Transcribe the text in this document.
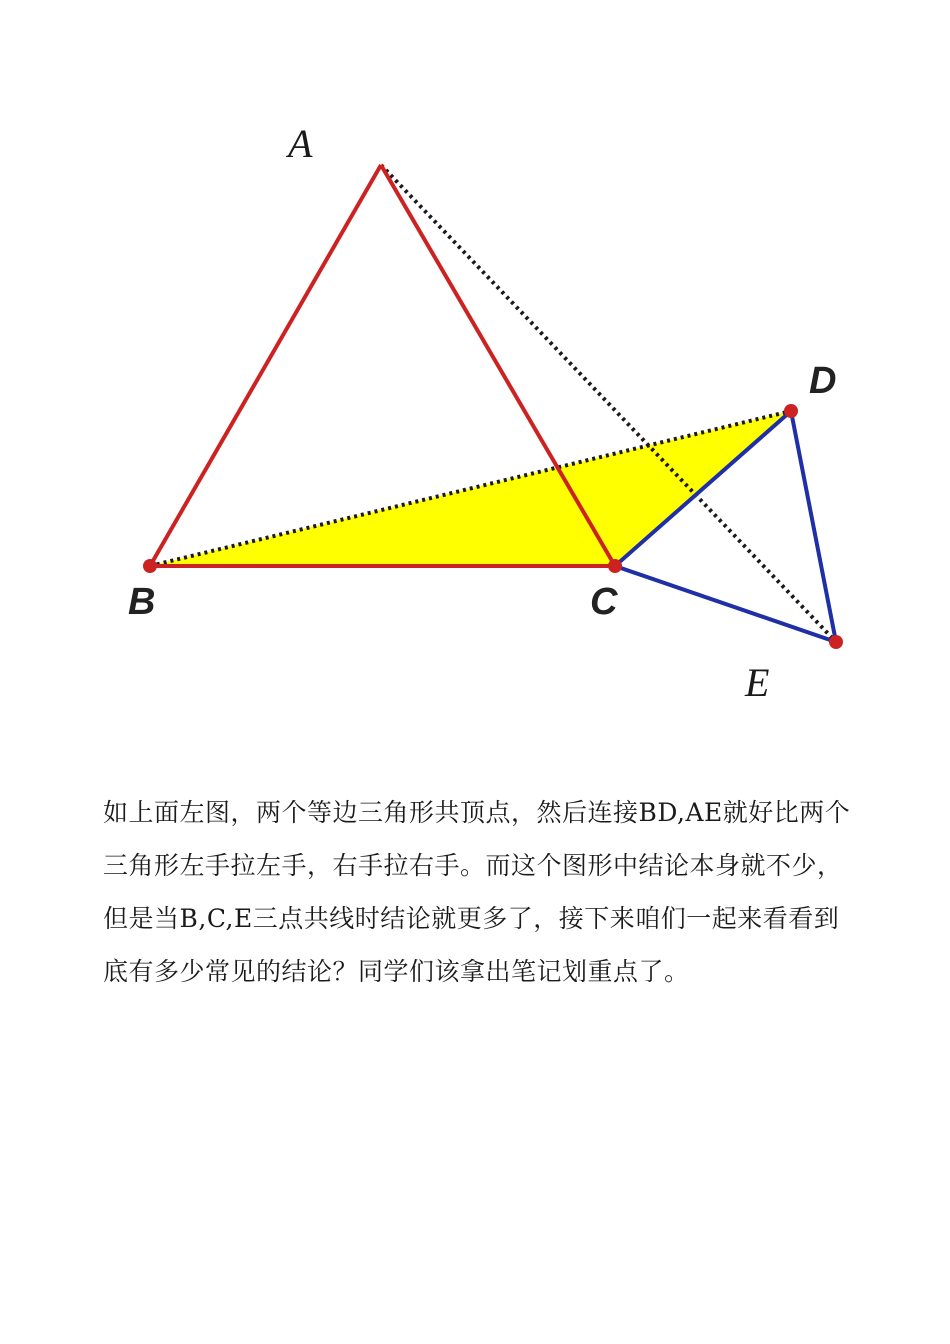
A
B	C
D
E
如上面左图，两个等边三角形共顶点，然后连接BD,AE就好比两个
三角形左手拉左手，右手拉右手。而这个图形中结论本身就不少，
但是当B,C,E三点共线时结论就更多了，接下来咱们一起来看看到
底有多少常见的结论？同学们该拿出笔记划重点了。
